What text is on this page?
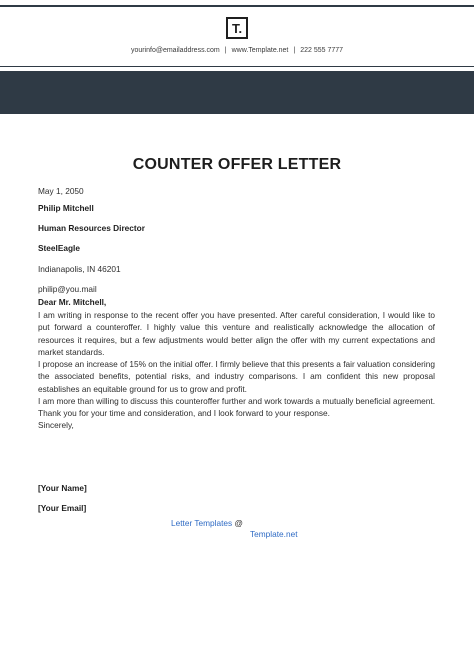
T.
yourinfo@emailaddress.com | www.Template.net | 222 555 7777
COUNTER OFFER LETTER
May 1, 2050
Philip Mitchell
Human Resources Director
SteelEagle
Indianapolis, IN 46201
philip@you.mail
Dear Mr. Mitchell,
I am writing in response to the recent offer you have presented. After careful consideration, I would like to put forward a counteroffer. I highly value this venture and realistically acknowledge the allocation of resources it requires, but a few adjustments would better align the offer with my current expectations and market standards.
I propose an increase of 15% on the initial offer. I firmly believe that this presents a fair valuation considering the associated benefits, potential risks, and industry comparisons. I am confident this new proposal establishes an equitable ground for us to grow and profit.
I am more than willing to discuss this counteroffer further and work towards a mutually beneficial agreement. Thank you for your time and consideration, and I look forward to your response.
Sincerely,
[Your Name]
[Your Email]
Letter Templates @
Template.net
